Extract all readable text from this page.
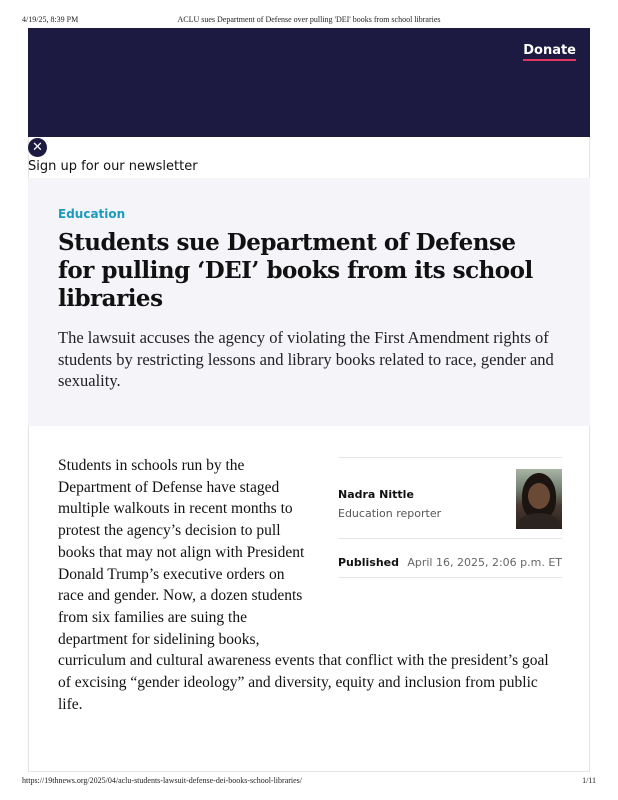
4/19/25, 8:39 PM	ACLU sues Department of Defense over pulling 'DEI' books from school libraries
Donate
✕
Sign up for our newsletter
Education
Students sue Department of Defense for pulling ‘DEI’ books from its school libraries

The lawsuit accuses the agency of violating the First Amendment rights of students by restricting lessons and library books related to race, gender and sexuality.

Nadra Nittle
Education reporter
Published April 16, 2025, 2:06 p.m. ET
Students in schools run by the Department of Defense have staged multiple walkouts in recent months to protest the agency’s decision to pull books that may not align with President Donald Trump’s executive orders on race and gender. Now, a dozen students from six families are suing the department for sidelining books, curriculum and cultural awareness events that conflict with the president’s goal of excising “gender ideology” and diversity, equity and inclusion from public life.
https://19thnews.org/2025/04/aclu-students-lawsuit-defense-dei-books-school-libraries/	1/11
